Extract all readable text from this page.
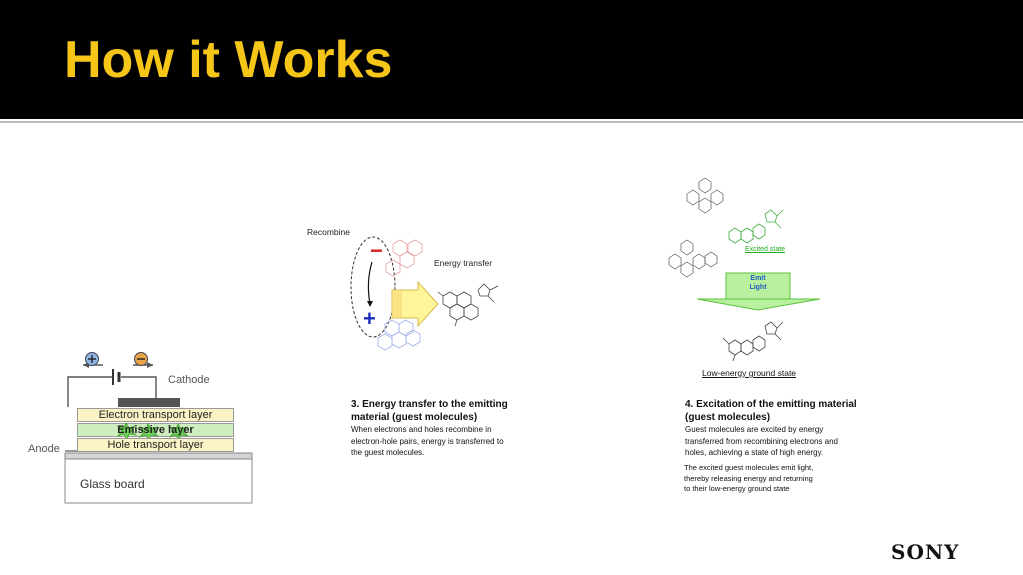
How it Works
Cathode
Anode
Electron transport layer
Emissive layer
Hole transport layer
Glass board
Recombine
Energy transfer
−
+
3. Energy transfer to the emitting
material (guest molecules)
When electrons and holes recombine in
electron-hole pairs, energy is transferred to
the guest molecules.
Excited state
Emit
Light
Low-energy ground state
4. Excitation of the emitting material
(guest molecules)
Guest molecules are excited by energy
transferred from recombining electrons and
holes, achieving a state of high energy.
The excited guest molecules emit light,
thereby releasing energy and returning
to their low-energy ground state
SONY
